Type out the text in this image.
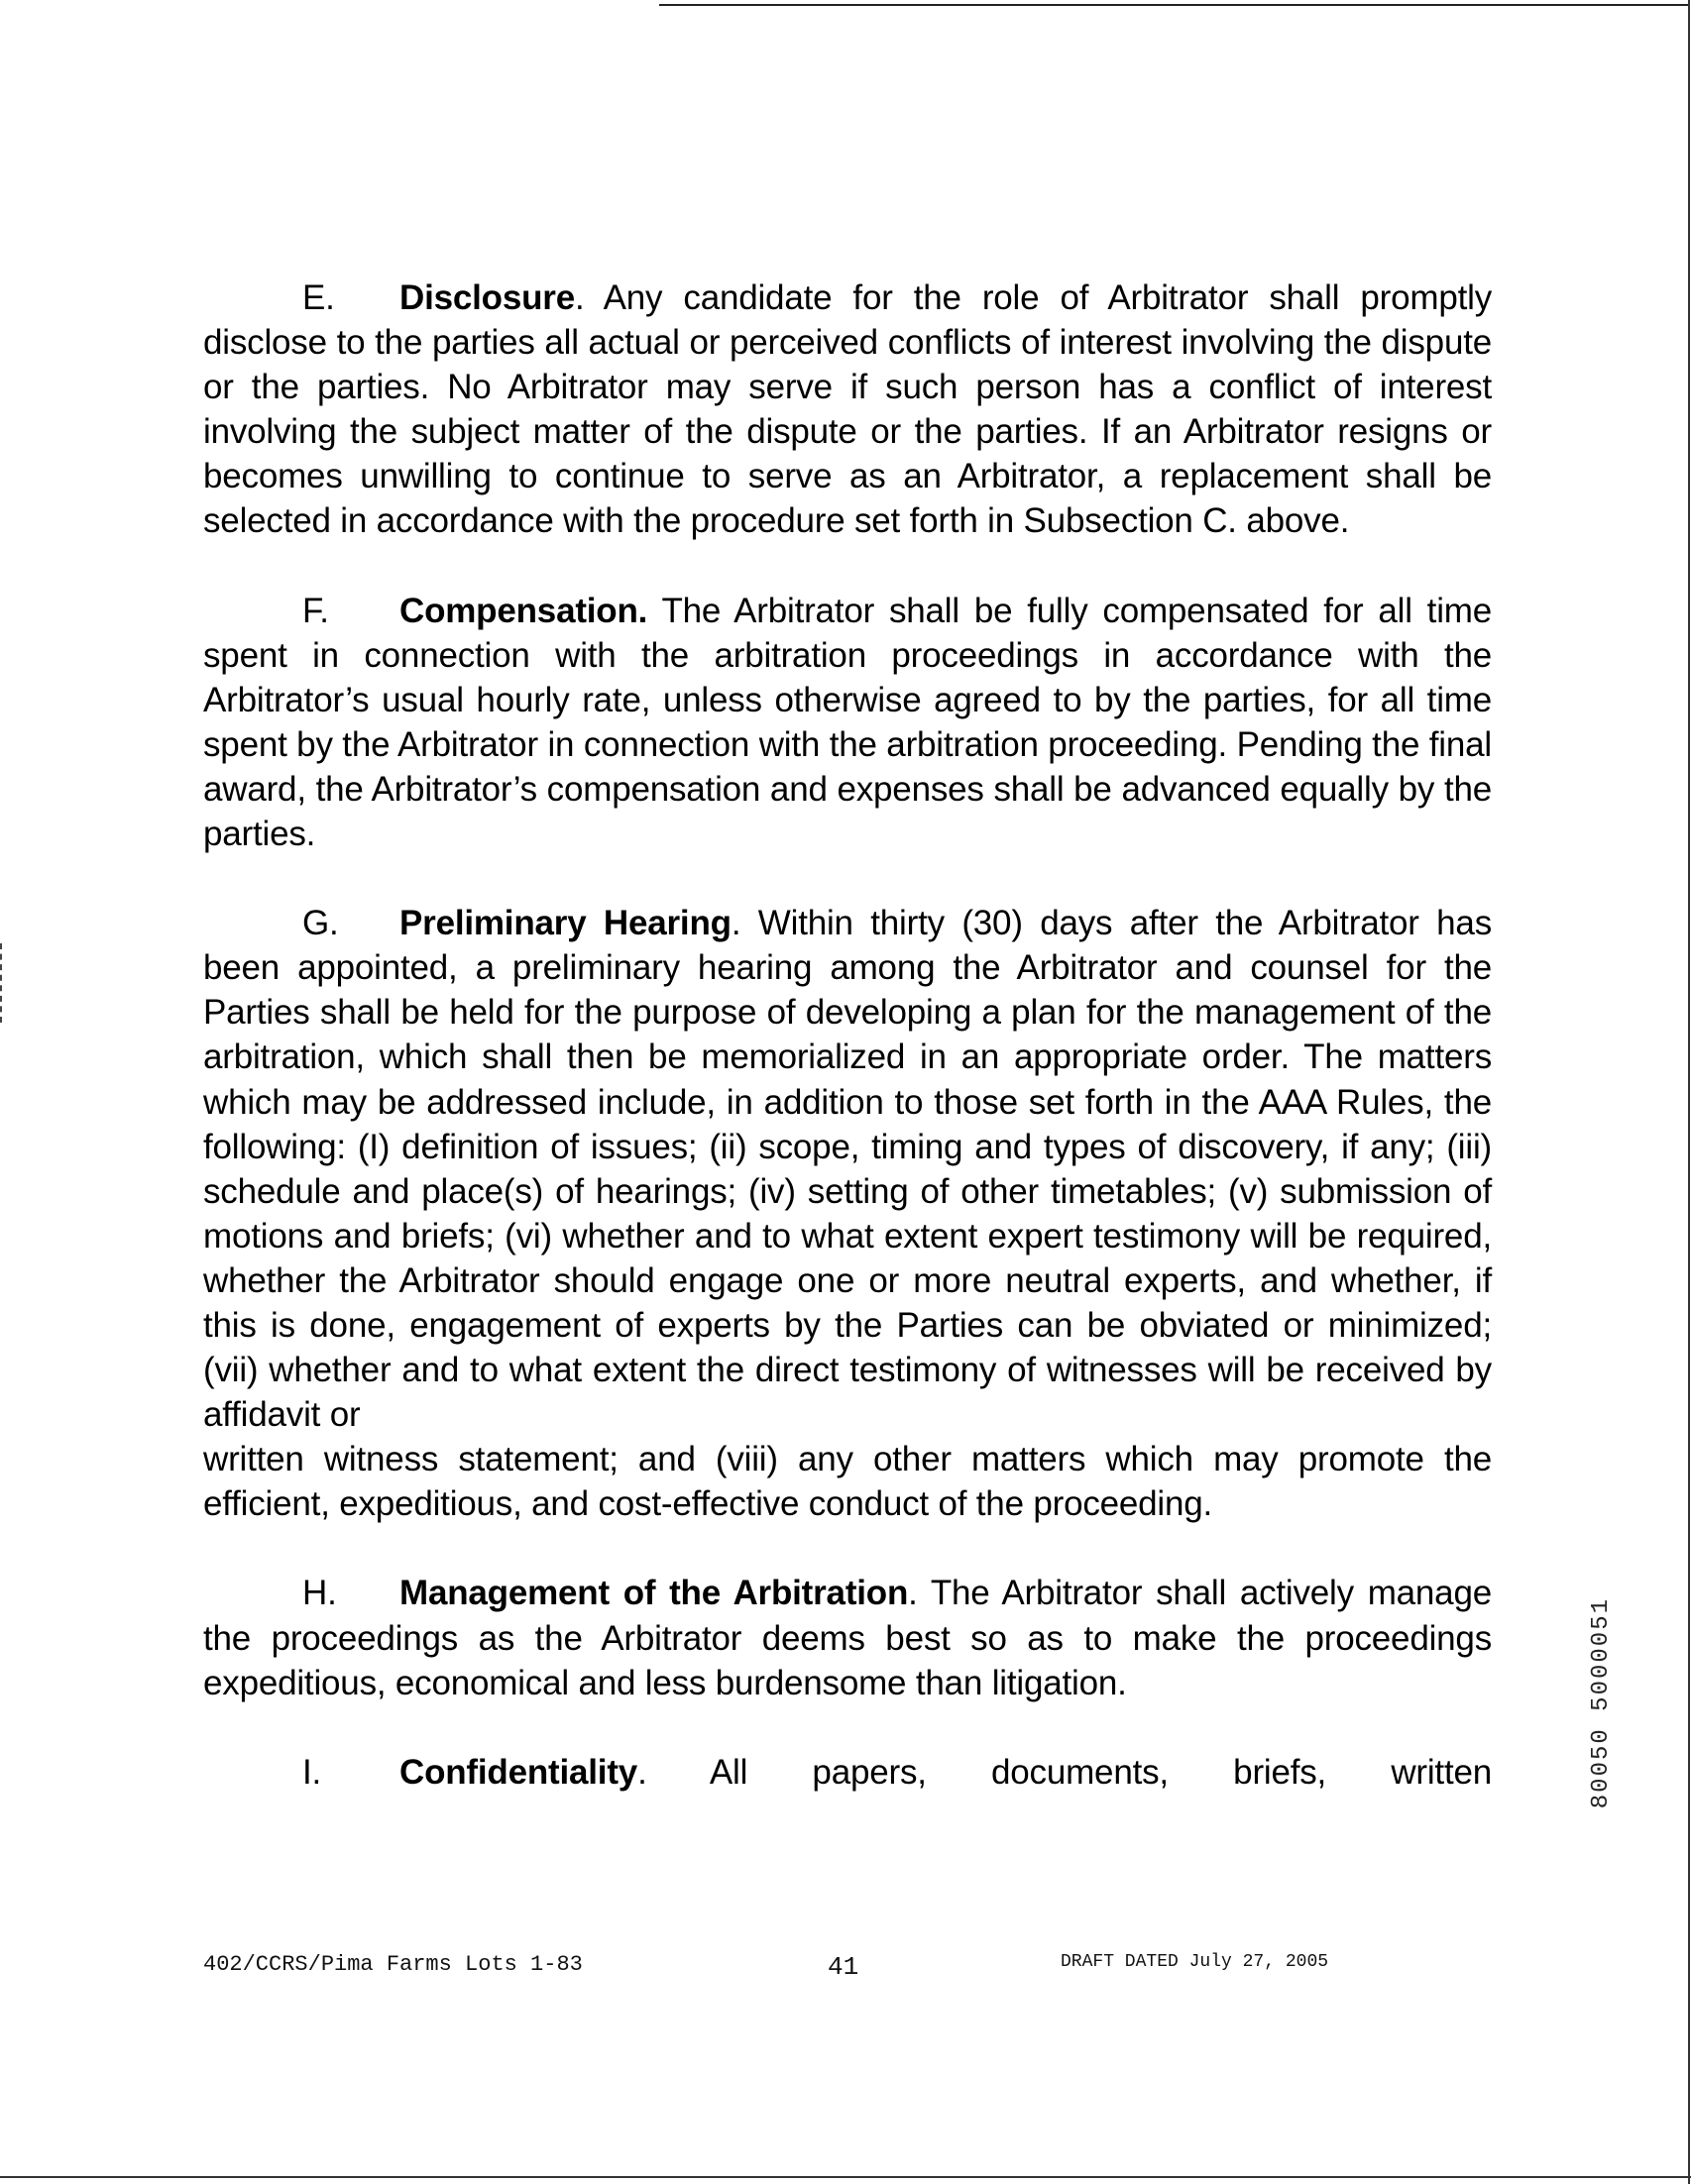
E. Disclosure. Any candidate for the role of Arbitrator shall promptly disclose to the parties all actual or perceived conflicts of interest involving the dispute or the parties. No Arbitrator may serve if such person has a conflict of interest involving the subject matter of the dispute or the parties. If an Arbitrator resigns or becomes unwilling to continue to serve as an Arbitrator, a replacement shall be selected in accordance with the procedure set forth in Subsection C. above.

F. Compensation. The Arbitrator shall be fully compensated for all time spent in connection with the arbitration proceedings in accordance with the Arbitrator’s usual hourly rate, unless otherwise agreed to by the parties, for all time spent by the Arbitrator in connection with the arbitration proceeding. Pending the final award, the Arbitrator’s compensation and expenses shall be advanced equally by the parties.

G. Preliminary Hearing. Within thirty (30) days after the Arbitrator has been appointed, a preliminary hearing among the Arbitrator and counsel for the Parties shall be held for the purpose of developing a plan for the management of the arbitration, which shall then be memorialized in an appropriate order. The matters which may be addressed include, in addition to those set forth in the AAA Rules, the following: (I) definition of issues; (ii) scope, timing and types of discovery, if any; (iii) schedule and place(s) of hearings; (iv) setting of other timetables; (v) submission of motions and briefs; (vi) whether and to what extent expert testimony will be required, whether the Arbitrator should engage one or more neutral experts, and whether, if this is done, engagement of experts by the Parties can be obviated or minimized; (vii) whether and to what extent the direct testimony of witnesses will be received by affidavit or
written witness statement; and (viii) any other matters which may promote the efficient, expeditious, and cost-effective conduct of the proceeding.

H. Management of the Arbitration. The Arbitrator shall actively manage the proceedings as the Arbitrator deems best so as to make the proceedings expeditious, economical and less burdensome than litigation.

I. Confidentiality. All papers, documents, briefs, written	80050 5000051
402/CCRS/Pima Farms Lots 1-83	41	DRAFT DATED July 27, 2005
